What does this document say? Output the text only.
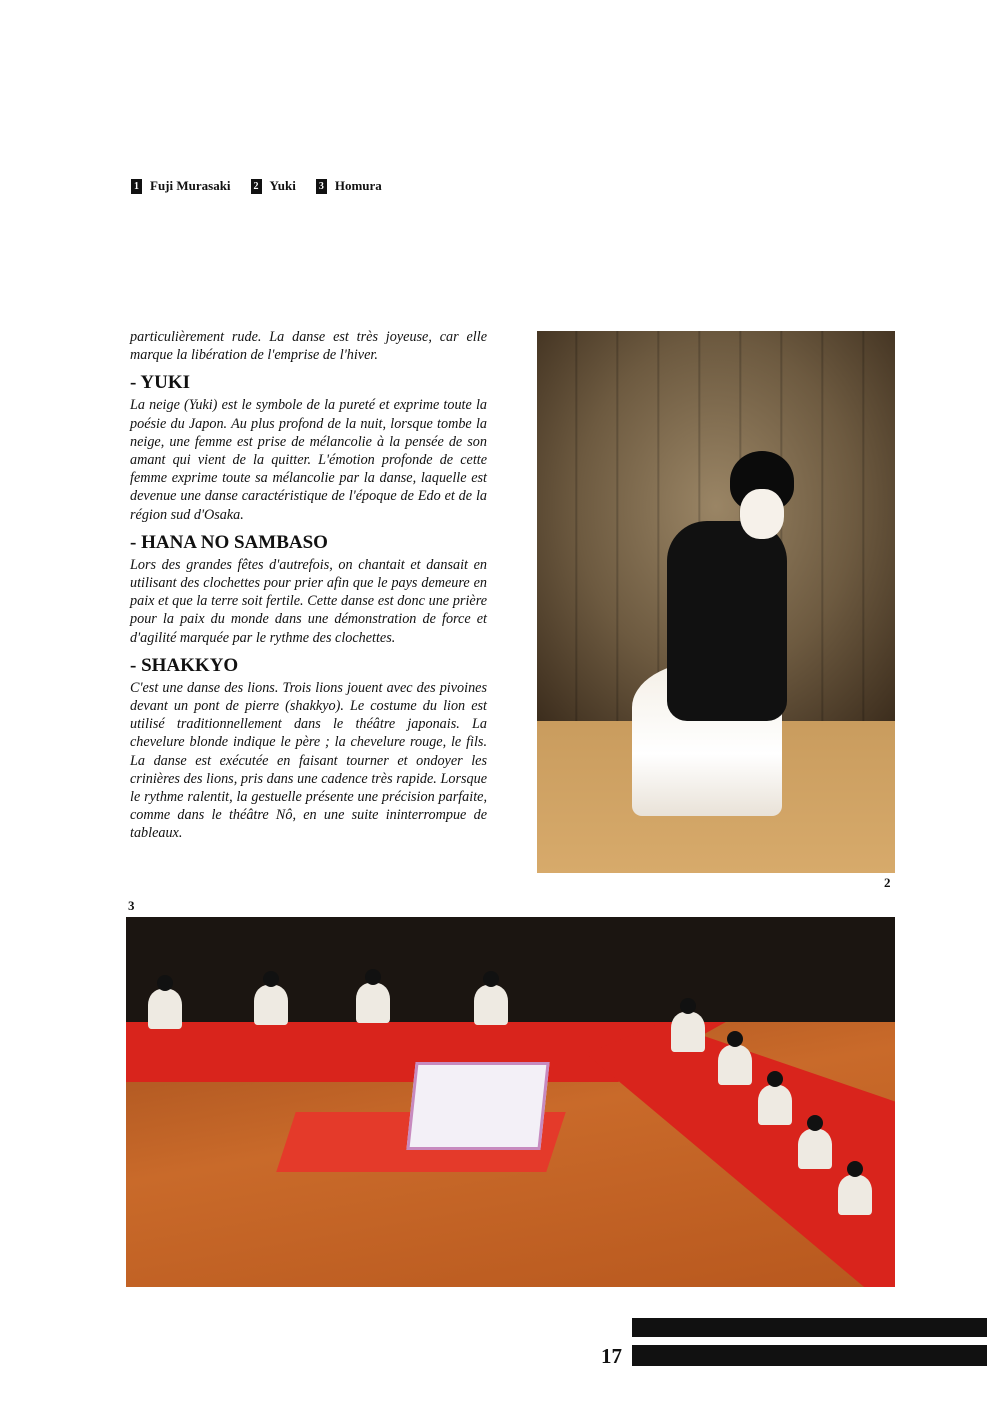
1 Fuji Murasaki	2 Yuki	3 Homura

particulièrement rude. La danse est très joyeuse, car elle marque la libération de l'emprise de l'hiver.

- YUKI

La neige (Yuki) est le symbole de la pureté et exprime toute la poésie du Japon. Au plus profond de la nuit, lorsque tombe la neige, une femme est prise de mélancolie à la pensée de son amant qui vient de la quitter. L'émotion profonde de cette femme exprime toute sa mélancolie par la danse, laquelle est devenue une danse caractéristique de l'époque de Edo et de la région sud d'Osaka.

- HANA NO SAMBASO

Lors des grandes fêtes d'autrefois, on chantait et dansait en utilisant des clochettes pour prier afin que le pays demeure en paix et que la terre soit fertile. Cette danse est donc une prière pour la paix du monde dans une démonstration de force et d'agilité marquée par le rythme des clochettes.

- SHAKKYO

C'est une danse des lions. Trois lions jouent avec des pivoines devant un pont de pierre (shakkyo). Le costume du lion est utilisé traditionnellement dans le théâtre japonais. La chevelure blonde indique le père ; la chevelure rouge, le fils. La danse est exécutée en faisant tourner et ondoyer les crinières des lions, pris dans une cadence très rapide. Lorsque le rythme ralentit, la gestuelle présente une précision parfaite, comme dans le théâtre Nô, en une suite ininterrompue de tableaux.

2
3
17
